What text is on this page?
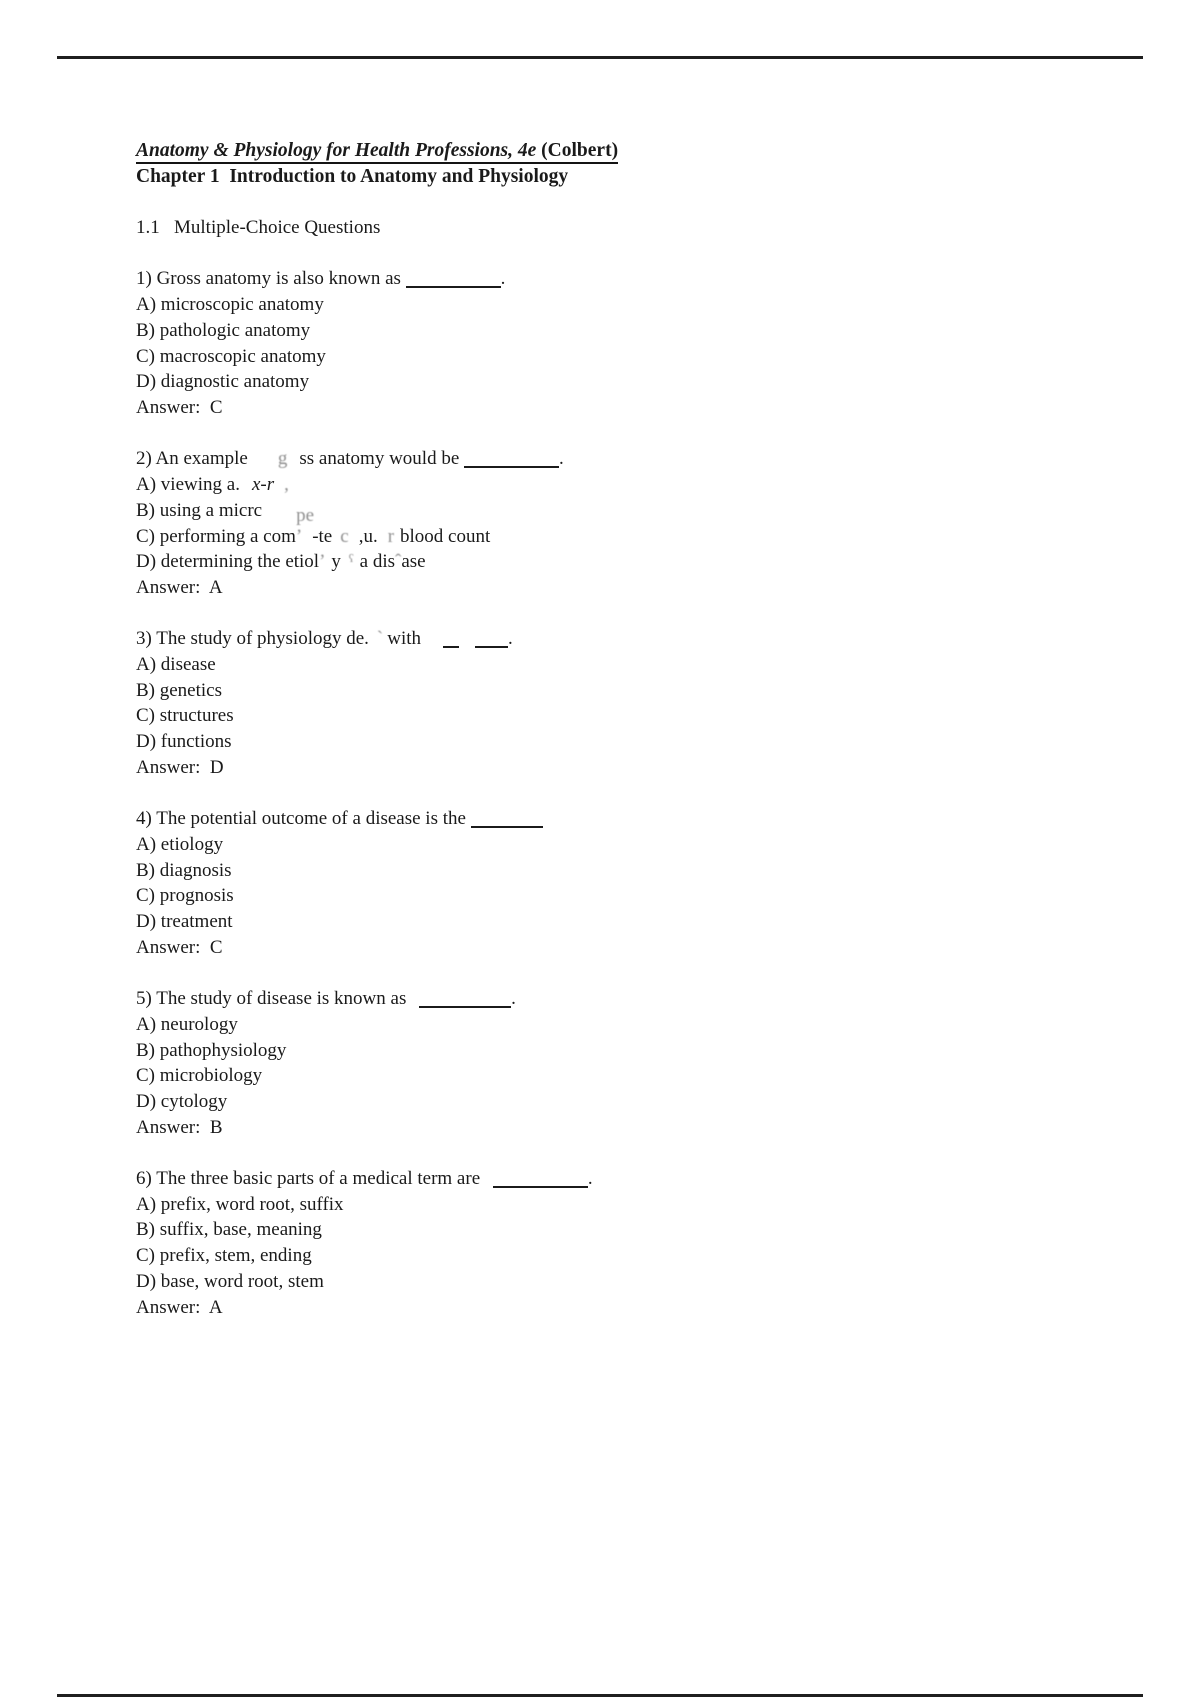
Anatomy & Physiology for Health Professions, 4e (Colbert)
Chapter 1  Introduction to Anatomy and Physiology
1.1   Multiple-Choice Questions
1) Gross anatomy is also known as	.
A) microscopic anatomy
B) pathologic anatomy
C) macroscopic anatomy
D) diagnostic anatomy
Answer:  C
2) An example g ss anatomy would be	.
A) viewing a. x-r ,
B) using a micrc pe
C) performing a comʼ -te c ,u. r blood count
D) determining the etiolʼ y ˤ a disˆase
Answer:  A
3) The study of physiology de. ˋ with	.
A) disease
B) genetics
C) structures
D) functions
Answer:  D
4) The potential outcome of a disease is the
A) etiology
B) diagnosis
C) prognosis
D) treatment
Answer:  C
5) The study of disease is known as	.
A) neurology
B) pathophysiology
C) microbiology
D) cytology
Answer:  B
6) The three basic parts of a medical term are	.
A) prefix, word root, suffix
B) suffix, base, meaning
C) prefix, stem, ending
D) base, word root, stem
Answer:  A
